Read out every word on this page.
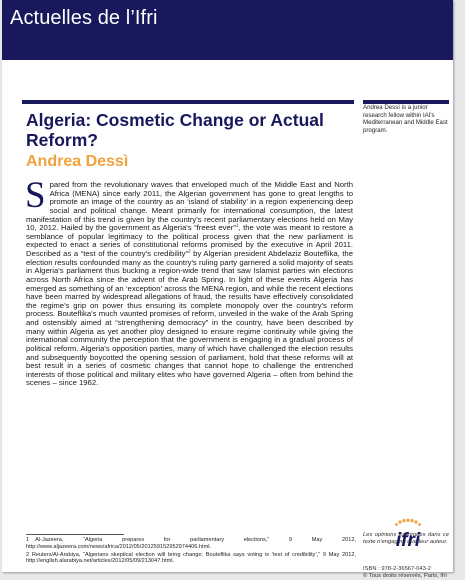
Actuelles de l’Ifri
Algeria: Cosmetic Change or Actual Reform?
Andrea Dessì

Spared from the revolutionary waves that enveloped much of the Middle East and North Africa (MENA) since early 2011, the Algerian government has gone to great lengths to promote an image of the country as an ‘island of stability’ in a region experiencing deep social and political change. Meant primarily for international consumption, the latest manifestation of this trend is given by the country's recent parliamentary elections held on May 10, 2012. Hailed by the government as Algeria's “freest ever”$^1$, the vote was meant to restore a semblance of popular legitimacy to the political process given that the new parliament is expected to enact a series of constitutional reforms promised by the executive in April 2011. Described as a “test of the country's credibility”$^2$ by Algerian president Abdelaziz Bouteflika, the election results confounded many as the country's ruling party garnered a solid majority of seats in Algeria's parliament thus bucking a region-wide trend that saw Islamist parties win elections across North Africa since the advent of the Arab Spring. In light of these events Algeria has emerged as something of an ‘exception’ across the MENA region, and while the recent elections have been marred by widespread allegations of fraud, the results have effectively consolidated the regime's grip on power thus ensuring its complete monopoly over the country's reform process. Bouteflika's much vaunted promises of reform, unveiled in the wake of the Arab Spring and ostensibly aimed at “strengthening democracy” in the country, have been described by many within Algeria as yet another ploy designed to ensure regime continuity while giving the international community the perception that the government is engaging in a gradual process of political reform. Algeria's opposition parties, many of which have challenged the election results and subsequently boycotted the opening session of parliament, hold that these reforms will at best result in a series of cosmetic changes that cannot hope to challenge the entrenched interests of those political and military elites who have governed Algeria – often from behind the scenes – since 1962.

Andrea Dessì is a junior research fellow within IAI's Mediterranean and Middle East program.

Les opinions exprimées dans ce texte n'engagent que leur auteur.

ISBN : 978-2-36567-043-2
© Tous droits réservés, Paris, Ifri

ifri

1 Al-Jazeera, “Algeria prepares for parliamentary elections,” 9 May 2012, http://www.aljazeera.com/news/africa/2012/05/201259152952974406.html.

2 Reuters/Al-Arabiya, “Algerians skeptical election will bring change; Bouteflika says voting is ‘test of credibility’,” 9 May 2012, http://english.alarabiya.net/articles/2012/05/09/213047.html.
